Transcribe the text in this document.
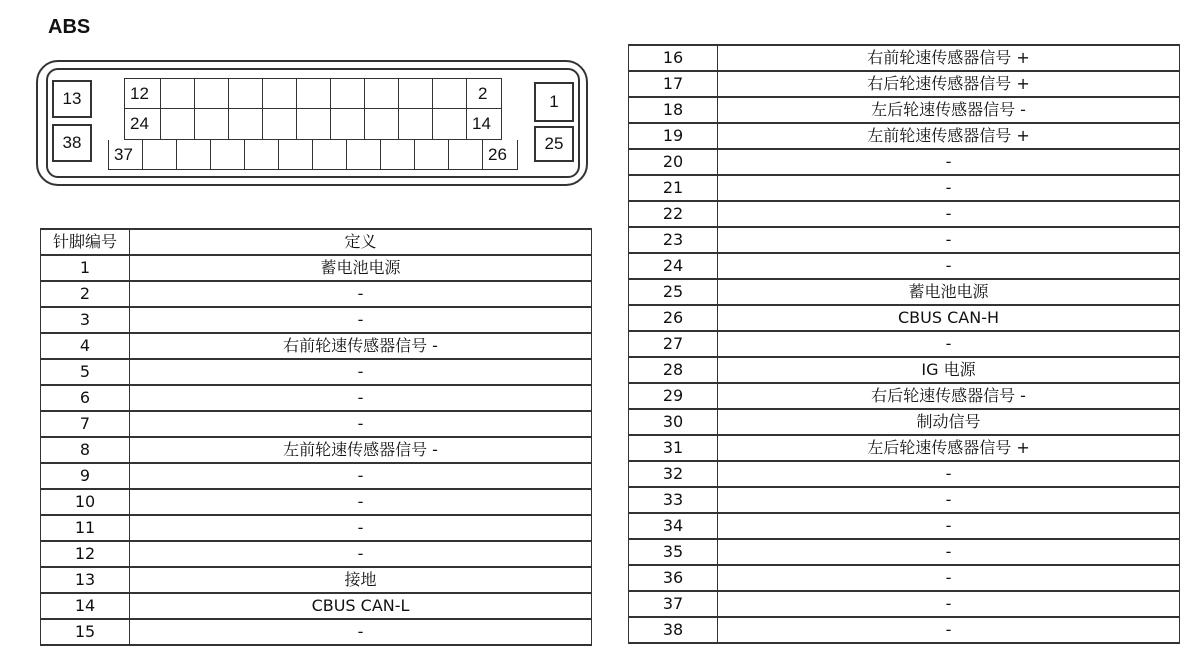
ABS
13
38
1
25
12	2
24	14
37	26
针脚编号	定义
1	蓄电池电源
2	-
3	-
4	右前轮速传感器信号 -
5	-
6	-
7	-
8	左前轮速传感器信号 -
9	-
10	-
11	-
12	-
13	接地
14	CBUS CAN-L
15	-
16	右前轮速传感器信号 +
17	右后轮速传感器信号 +
18	左后轮速传感器信号 -
19	左前轮速传感器信号 +
20	-
21	-
22	-
23	-
24	-
25	蓄电池电源
26	CBUS CAN-H
27	-
28	IG 电源
29	右后轮速传感器信号 -
30	制动信号
31	左后轮速传感器信号 +
32	-
33	-
34	-
35	-
36	-
37	-
38	-
